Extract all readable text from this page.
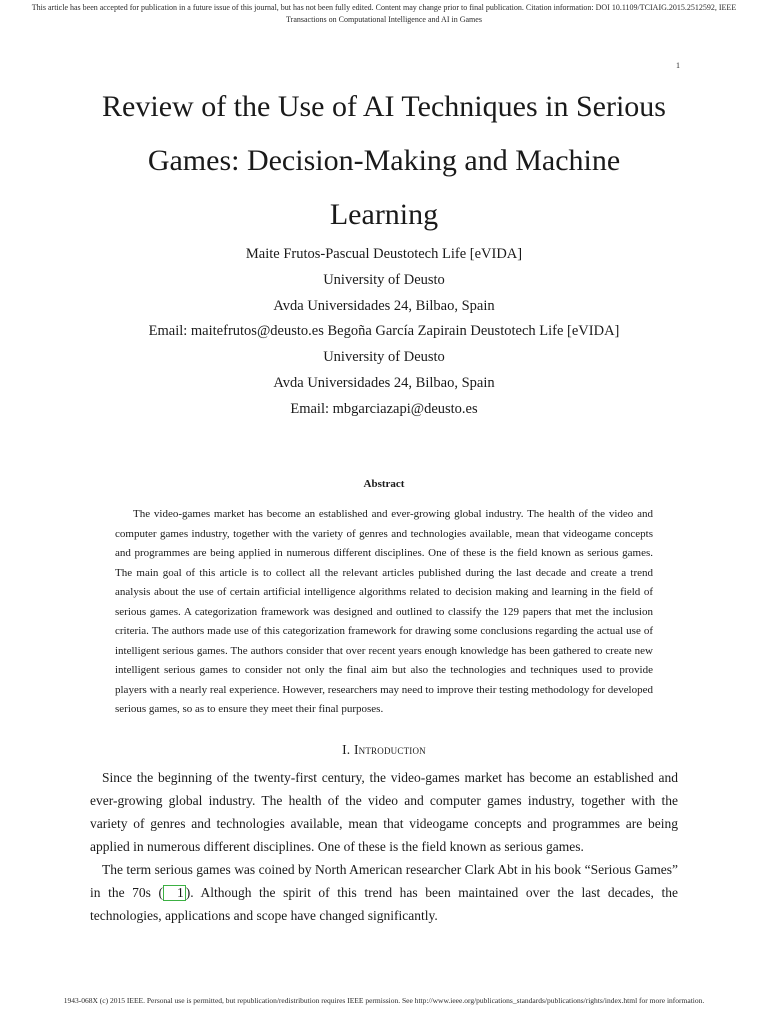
This article has been accepted for publication in a future issue of this journal, but has not been fully edited. Content may change prior to final publication. Citation information: DOI 10.1109/TCIAIG.2015.2512592, IEEE
Transactions on Computational Intelligence and AI in Games
1
Review of the Use of AI Techniques in Serious
Games: Decision-Making and Machine
Learning
Maite Frutos-Pascual Deustotech Life [eVIDA]
University of Deusto
Avda Universidades 24, Bilbao, Spain
Email: maitefrutos@deusto.es Begoña García Zapirain Deustotech Life [eVIDA]
University of Deusto
Avda Universidades 24, Bilbao, Spain
Email: mbgarciazapi@deusto.es
Abstract

The video-games market has become an established and ever-growing global industry. The health of the video and computer games industry, together with the variety of genres and technologies available, mean that videogame concepts and programmes are being applied in numerous different disciplines. One of these is the field known as serious games. The main goal of this article is to collect all the relevant articles published during the last decade and create a trend analysis about the use of certain artificial intelligence algorithms related to decision making and learning in the field of serious games. A categorization framework was designed and outlined to classify the 129 papers that met the inclusion criteria. The authors made use of this categorization framework for drawing some conclusions regarding the actual use of intelligent serious games. The authors consider that over recent years enough knowledge has been gathered to create new intelligent serious games to consider not only the final aim but also the technologies and techniques used to provide players with a nearly real experience. However, researchers may need to improve their testing methodology for developed serious games, so as to ensure they meet their final purposes.

I. Introduction

Since the beginning of the twenty-first century, the video-games market has become an established and ever-growing global industry. The health of the video and computer games industry, together with the variety of genres and technologies available, mean that videogame concepts and programmes are being applied in numerous different disciplines. One of these is the field known as serious games.

The term serious games was coined by North American researcher Clark Abt in his book “Serious Games” in the 70s ( 1 ). Although the spirit of this trend has been maintained over the last decades, the technologies, applications and scope have changed significantly.

1943-068X (c) 2015 IEEE. Personal use is permitted, but republication/redistribution requires IEEE permission. See http://www.ieee.org/publications_standards/publications/rights/index.html for more information.
